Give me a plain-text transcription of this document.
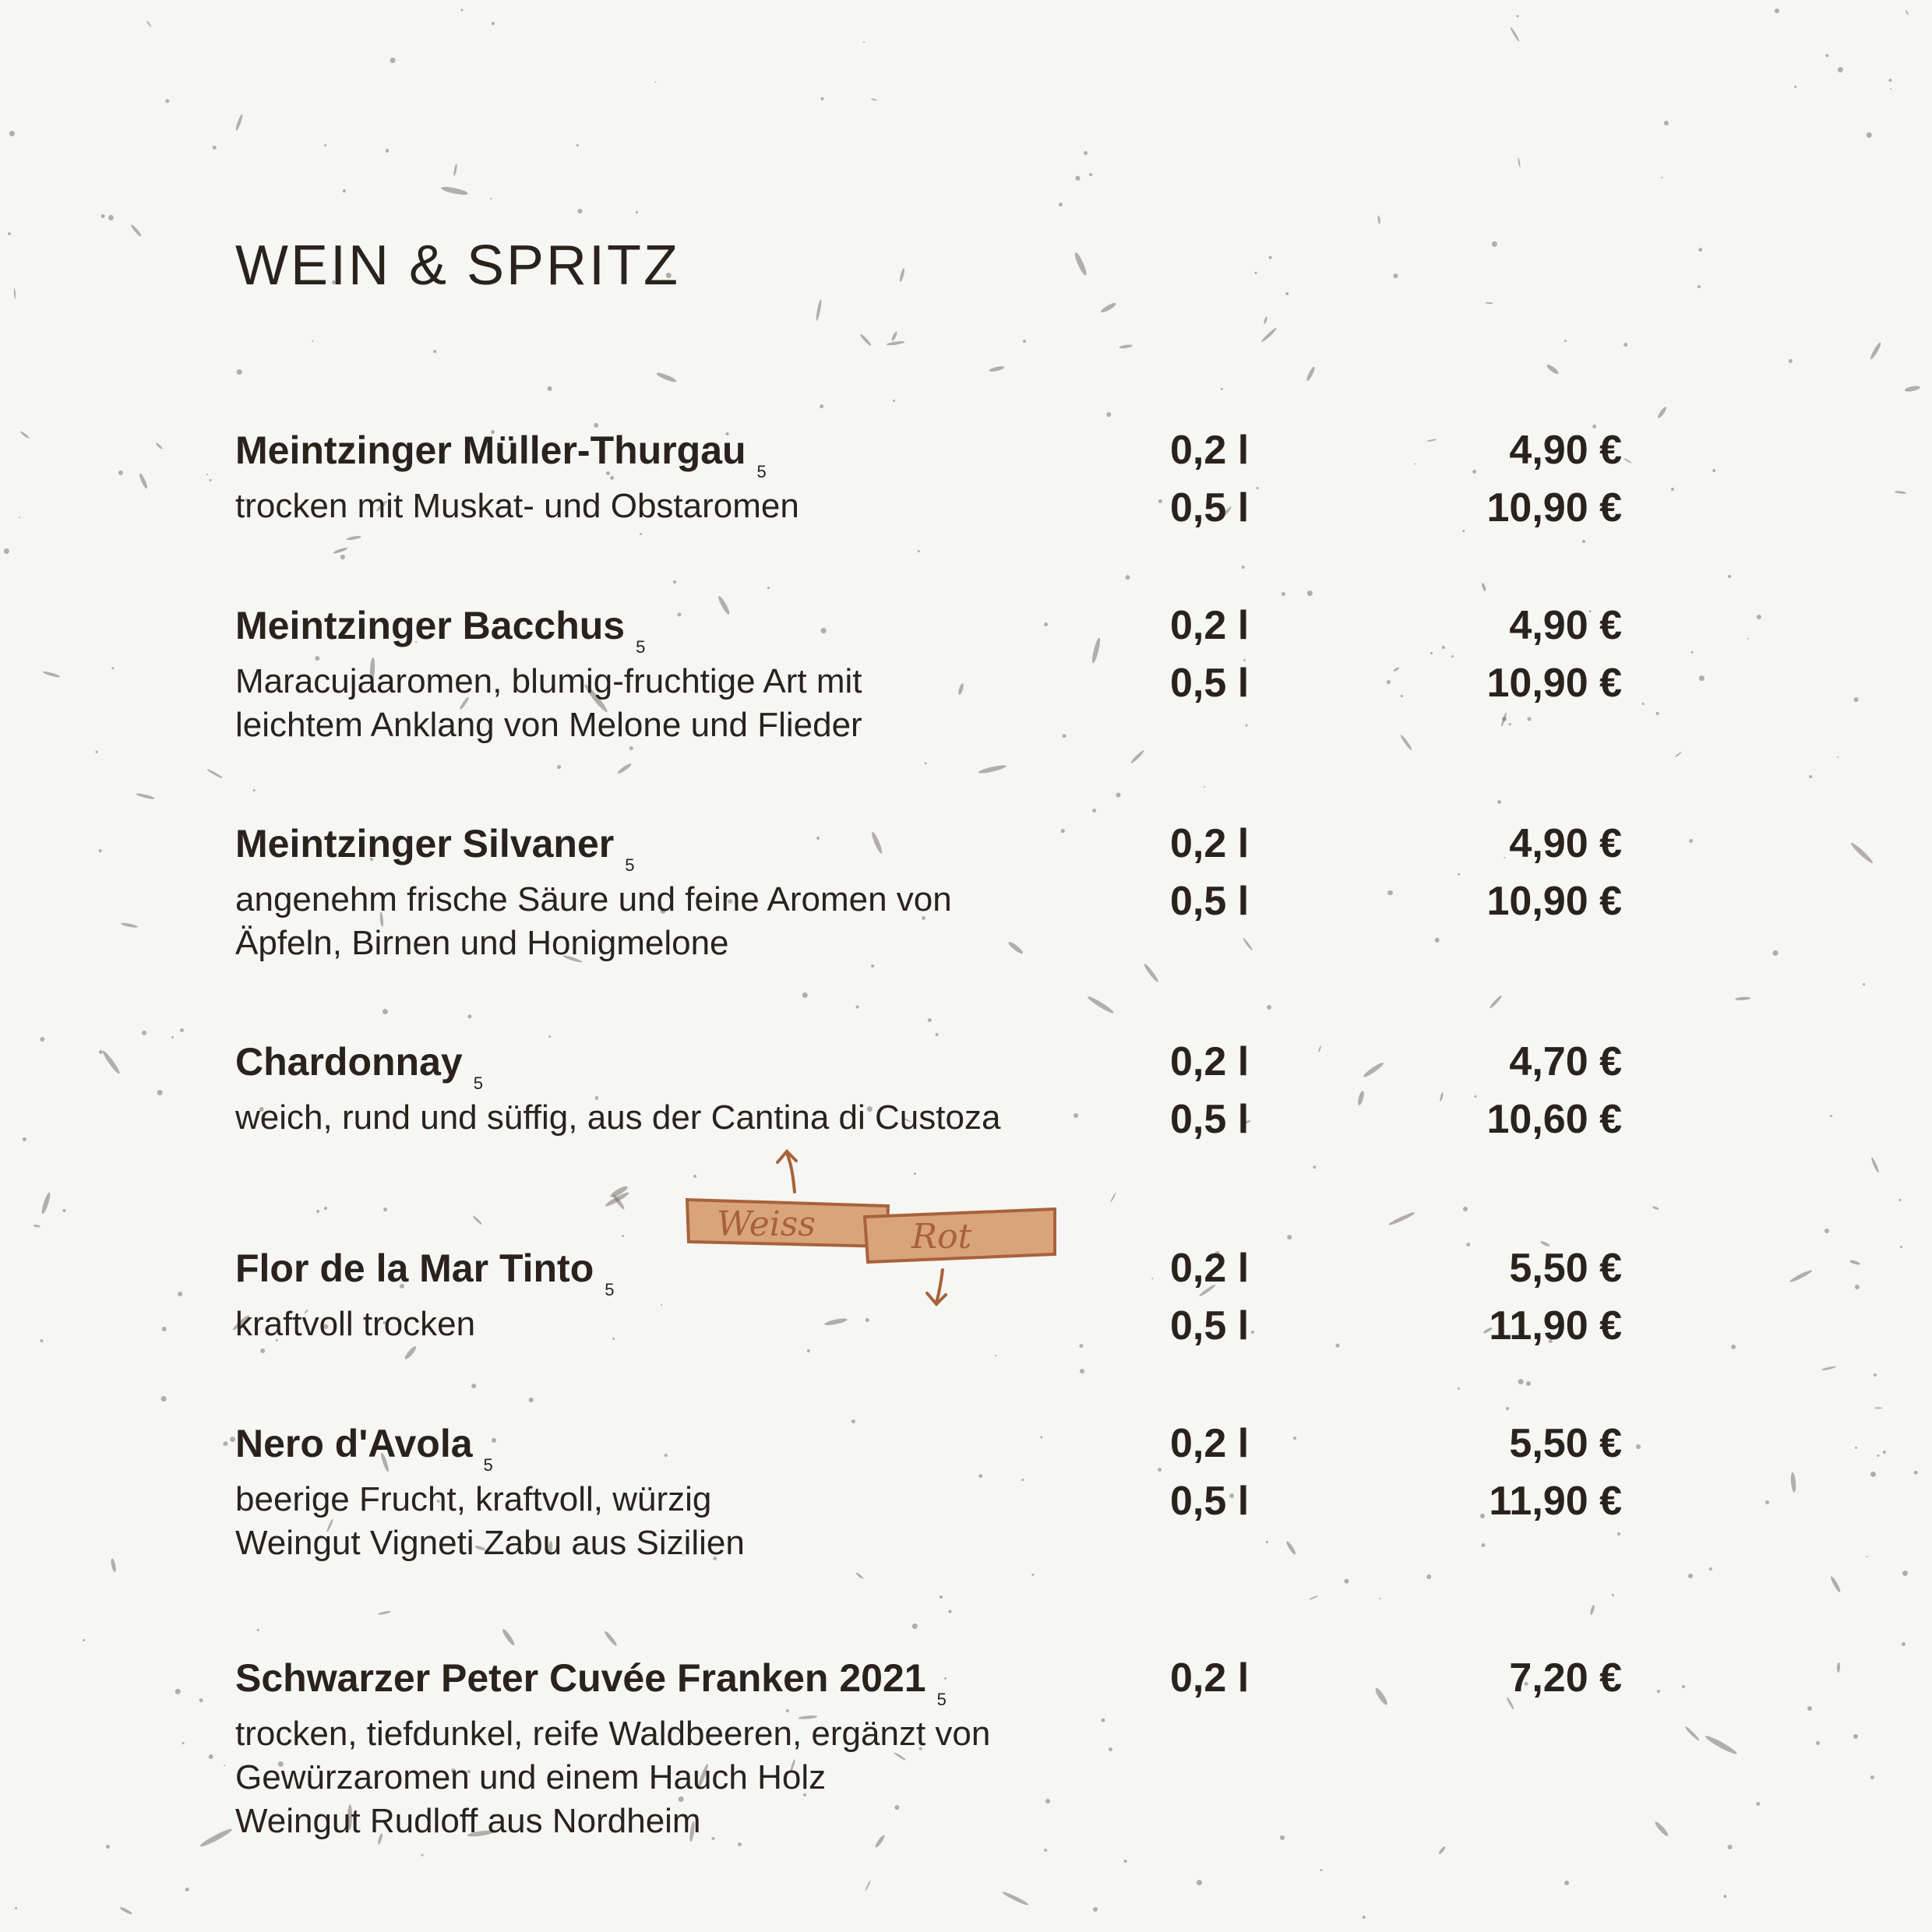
WEIN & SPRITZ
Meintzinger Müller-Thurgau $_5$
trocken mit Muskat- und Obstaromen
0,2 l	4,90 €
0,5 l	10,90 €
Meintzinger Bacchus $_5$
Maracujaaromen, blumig-fruchtige Art mit
leichtem Anklang von Melone und Flieder
0,2 l	4,90 €
0,5 l	10,90 €
Meintzinger Silvaner $_5$
angenehm frische Säure und feine Aromen von
Äpfeln, Birnen und Honigmelone
0,2 l	4,90 €
0,5 l	10,90 €
Chardonnay $_5$
weich, rund und süffig, aus der Cantina di Custoza
0,2 l	4,70 €
0,5 l	10,60 €
Weiss	Rot
Flor de la Mar Tinto $_5$
kraftvoll trocken
0,2 l	5,50 €
0,5 l	11,90 €
Nero d'Avola $_5$
beerige Frucht, kraftvoll, würzig
Weingut Vigneti Zabu aus Sizilien
0,2 l	5,50 €
0,5 l	11,90 €
Schwarzer Peter Cuvée Franken 2021 $_5$
trocken, tiefdunkel, reife Waldbeeren, ergänzt von
Gewürzaromen und einem Hauch Holz
Weingut Rudloff aus Nordheim
0,2 l	7,20 €
